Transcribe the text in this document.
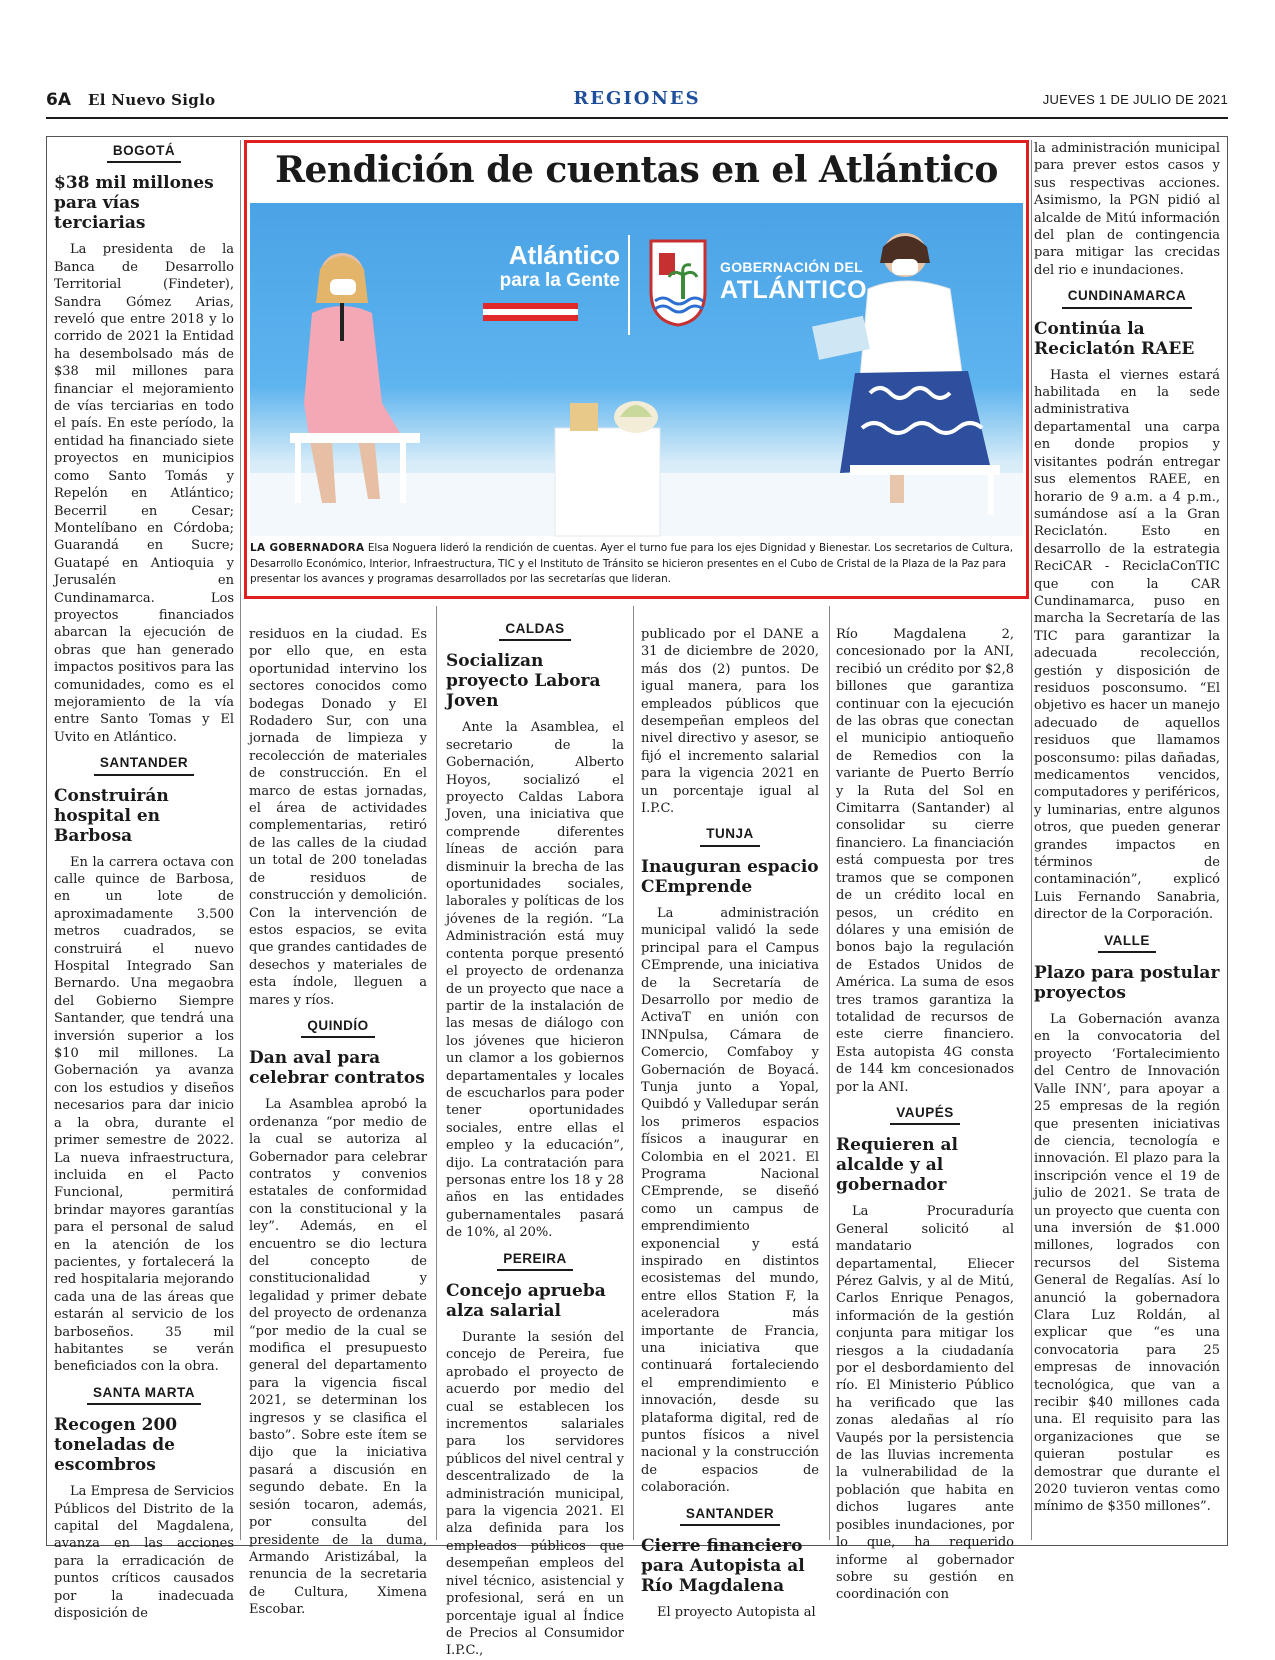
6A El Nuevo Siglo	REGIONES	JUEVES 1 DE JULIO DE 2021
BOGOTÁ
$38 mil millones para vías terciarias

La presidenta de la Banca de Desarrollo Territorial (Findeter), Sandra Gómez Arias, reveló que entre 2018 y lo corrido de 2021 la Entidad ha desembolsado más de $38 mil millones para financiar el mejoramiento de vías terciarias en todo el país. En este período, la entidad ha financiado siete proyectos en municipios como Santo Tomás y Repelón en Atlántico; Becerril en Cesar; Montelíbano en Córdoba; Guarandá en Sucre; Guatapé en Antioquia y Jerusalén en Cundinamarca. Los proyectos financiados abarcan la ejecución de obras que han generado impactos positivos para las comunidades, como es el mejoramiento de la vía entre Santo Tomas y El Uvito en Atlántico.

SANTANDER
Construirán hospital en Barbosa

En la carrera octava con calle quince de Barbosa, en un lote de aproximadamente 3.500 metros cuadrados, se construirá el nuevo Hospital Integrado San Bernardo. Una megaobra del Gobierno Siempre Santander, que tendrá una inversión superior a los $10 mil millones. La Gobernación ya avanza con los estudios y diseños necesarios para dar inicio a la obra, durante el primer semestre de 2022. La nueva infraestructura, incluida en el Pacto Funcional, permitirá brindar mayores garantías para el personal de salud en la atención de los pacientes, y fortalecerá la red hospitalaria mejorando cada una de las áreas que estarán al servicio de los barboseños. 35 mil habitantes se verán beneficiados con la obra.

SANTA MARTA
Recogen 200 toneladas de escombros

La Empresa de Servicios Públicos del Distrito de la capital del Magdalena, avanza en las acciones para la erradicación de puntos críticos causados por la inadecuada disposición de

Rendición de cuentas en el Atlántico
Atlántico
para la Gente
GOBERNACIÓN DEL
ATLÁNTICO

LA GOBERNADORA Elsa Noguera lideró la rendición de cuentas. Ayer el turno fue para los ejes Dignidad y Bienestar. Los secretarios de Cultura, Desarrollo Económico, Interior, Infraestructura, TIC y el Instituto de Tránsito se hicieron presentes en el Cubo de Cristal de la Plaza de la Paz para presentar los avances y programas desarrollados por las secretarías que lideran.

residuos en la ciudad. Es por ello que, en esta oportunidad intervino los sectores conocidos como bodegas Donado y El Rodadero Sur, con una jornada de limpieza y recolección de materiales de construcción. En el marco de estas jornadas, el área de actividades complementarias, retiró de las calles de la ciudad un total de 200 toneladas de residuos de construcción y demolición. Con la intervención de estos espacios, se evita que grandes cantidades de desechos y materiales de esta índole, lleguen a mares y ríos.

QUINDÍO
Dan aval para celebrar contratos

La Asamblea aprobó la ordenanza “por medio de la cual se autoriza al Gobernador para celebrar contratos y convenios estatales de conformidad con la constitucional y la ley”. Además, en el encuentro se dio lectura del concepto de constitucionalidad y legalidad y primer debate del proyecto de ordenanza “por medio de la cual se modifica el presupuesto general del departamento para la vigencia fiscal 2021, se determinan los ingresos y se clasifica el basto”. Sobre este ítem se dijo que la iniciativa pasará a discusión en segundo debate. En la sesión tocaron, además, por consulta del presidente de la duma, Armando Aristizábal, la renuncia de la secretaria de Cultura, Ximena Escobar.

CALDAS
Socializan proyecto Labora Joven

Ante la Asamblea, el secretario de la Gobernación, Alberto Hoyos, socializó el proyecto Caldas Labora Joven, una iniciativa que comprende diferentes líneas de acción para disminuir la brecha de las oportunidades sociales, laborales y políticas de los jóvenes de la región. “La Administración está muy contenta porque presentó el proyecto de ordenanza de un proyecto que nace a partir de la instalación de las mesas de diálogo con los jóvenes que hicieron un clamor a los gobiernos departamentales y locales de escucharlos para poder tener oportunidades sociales, entre ellas el empleo y la educación”, dijo. La contratación para personas entre los 18 y 28 años en las entidades gubernamentales pasará de 10%, al 20%.

PEREIRA
Concejo aprueba alza salarial

Durante la sesión del concejo de Pereira, fue aprobado el proyecto de acuerdo por medio del cual se establecen los incrementos salariales para los servidores públicos del nivel central y descentralizado de la administración municipal, para la vigencia 2021. El alza definida para los empleados públicos que desempeñan empleos del nivel técnico, asistencial y profesional, será en un porcentaje igual al Índice de Precios al Consumidor I.P.C.,

publicado por el DANE a 31 de diciembre de 2020, más dos (2) puntos. De igual manera, para los empleados públicos que desempeñan empleos del nivel directivo y asesor, se fijó el incremento salarial para la vigencia 2021 en un porcentaje igual al I.P.C.

TUNJA
Inauguran espacio CEmprende

La administración municipal validó la sede principal para el Campus CEmprende, una iniciativa de la Secretaría de Desarrollo por medio de ActivaT en unión con INNpulsa, Cámara de Comercio, Comfaboy y Gobernación de Boyacá. Tunja junto a Yopal, Quibdó y Valledupar serán los primeros espacios físicos a inaugurar en Colombia en el 2021. El Programa Nacional CEmprende, se diseñó como un campus de emprendimiento exponencial y está inspirado en distintos ecosistemas del mundo, entre ellos Station F, la aceleradora más importante de Francia, una iniciativa que continuará fortaleciendo el emprendimiento e innovación, desde su plataforma digital, red de puntos físicos a nivel nacional y la construcción de espacios de colaboración.

SANTANDER
Cierre financiero para Autopista al Río Magdalena

El proyecto Autopista al

Río Magdalena 2, concesionado por la ANI, recibió un crédito por $2,8 billones que garantiza continuar con la ejecución de las obras que conectan el municipio antioqueño de Remedios con la variante de Puerto Berrío y la Ruta del Sol en Cimitarra (Santander) al consolidar su cierre financiero. La financiación está compuesta por tres tramos que se componen de un crédito local en pesos, un crédito en dólares y una emisión de bonos bajo la regulación de Estados Unidos de América. La suma de esos tres tramos garantiza la totalidad de recursos de este cierre financiero. Esta autopista 4G consta de 144 km concesionados por la ANI.

VAUPÉS
Requieren al alcalde y al gobernador

La Procuraduría General solicitó al mandatario departamental, Eliecer Pérez Galvis, y al de Mitú, Carlos Enrique Penagos, información de la gestión conjunta para mitigar los riesgos a la ciudadanía por el desbordamiento del río. El Ministerio Público ha verificado que las zonas aledañas al río Vaupés por la persistencia de las lluvias incrementa la vulnerabilidad de la población que habita en dichos lugares ante posibles inundaciones, por lo que, ha requerido informe al gobernador sobre su gestión en coordinación con

la administración municipal para prever estos casos y sus respectivas acciones. Asimismo, la PGN pidió al alcalde de Mitú información del plan de contingencia para mitigar las crecidas del rio e inundaciones.

CUNDINAMARCA
Continúa la Reciclatón RAEE

Hasta el viernes estará habilitada en la sede administrativa departamental una carpa en donde propios y visitantes podrán entregar sus elementos RAEE, en horario de 9 a.m. a 4 p.m., sumándose así a la Gran Reciclatón. Esto en desarrollo de la estrategia ReciCAR - ReciclaConTIC que con la CAR Cundinamarca, puso en marcha la Secretaría de las TIC para garantizar la adecuada recolección, gestión y disposición de residuos posconsumo. “El objetivo es hacer un manejo adecuado de aquellos residuos que llamamos posconsumo: pilas dañadas, medicamentos vencidos, computadores y periféricos, y luminarias, entre algunos otros, que pueden generar grandes impactos en términos de contaminación”, explicó Luis Fernando Sanabria, director de la Corporación.

VALLE
Plazo para postular proyectos

La Gobernación avanza en la convocatoria del proyecto ‘Fortalecimiento del Centro de Innovación Valle INN’, para apoyar a 25 empresas de la región que presenten iniciativas de ciencia, tecnología e innovación. El plazo para la inscripción vence el 19 de julio de 2021. Se trata de un proyecto que cuenta con una inversión de $1.000 millones, logrados con recursos del Sistema General de Regalías. Así lo anunció la gobernadora Clara Luz Roldán, al explicar que “es una convocatoria para 25 empresas de innovación tecnológica, que van a recibir $40 millones cada una. El requisito para las organizaciones que se quieran postular es demostrar que durante el 2020 tuvieron ventas como mínimo de $350 millones”.
